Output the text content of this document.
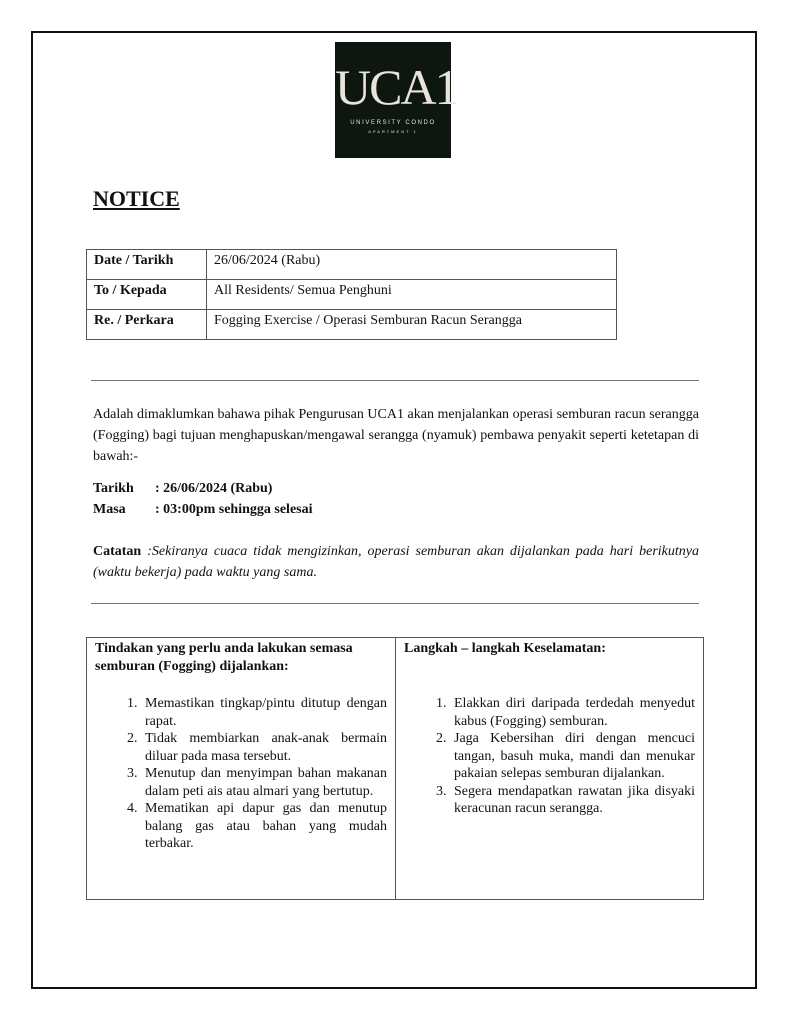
UCA1
UNIVERSITY CONDO
APARTMENT 1
NOTICE
Date / Tarikh	26/06/2024 (Rabu)
To / Kepada	All Residents/ Semua Penghuni
Re. / Perkara	Fogging Exercise / Operasi Semburan Racun Serangga
Adalah dimaklumkan bahawa pihak Pengurusan UCA1 akan menjalankan operasi semburan racun serangga (Fogging) bagi tujuan menghapuskan/mengawal serangga (nyamuk) pembawa penyakit seperti ketetapan di bawah:-
Tarikh : 26/06/2024 (Rabu)
Masa : 03:00pm sehingga selesai
Catatan :Sekiranya cuaca tidak mengizinkan, operasi semburan akan dijalankan pada hari berikutnya (waktu bekerja) pada waktu yang sama.
Tindakan yang perlu anda lakukan semasa semburan (Fogging) dijalankan:
1. Memastikan tingkap/pintu ditutup dengan rapat.
2. Tidak membiarkan anak-anak bermain diluar pada masa tersebut.
3. Menutup dan menyimpan bahan makanan dalam peti ais atau almari yang bertutup.
4. Mematikan api dapur gas dan menutup balang gas atau bahan yang mudah terbakar.
Langkah – langkah Keselamatan:
1. Elakkan diri daripada terdedah menyedut kabus (Fogging) semburan.
2. Jaga Kebersihan diri dengan mencuci tangan, basuh muka, mandi dan menukar pakaian selepas semburan dijalankan.
3. Segera mendapatkan rawatan jika disyaki keracunan racun serangga.
